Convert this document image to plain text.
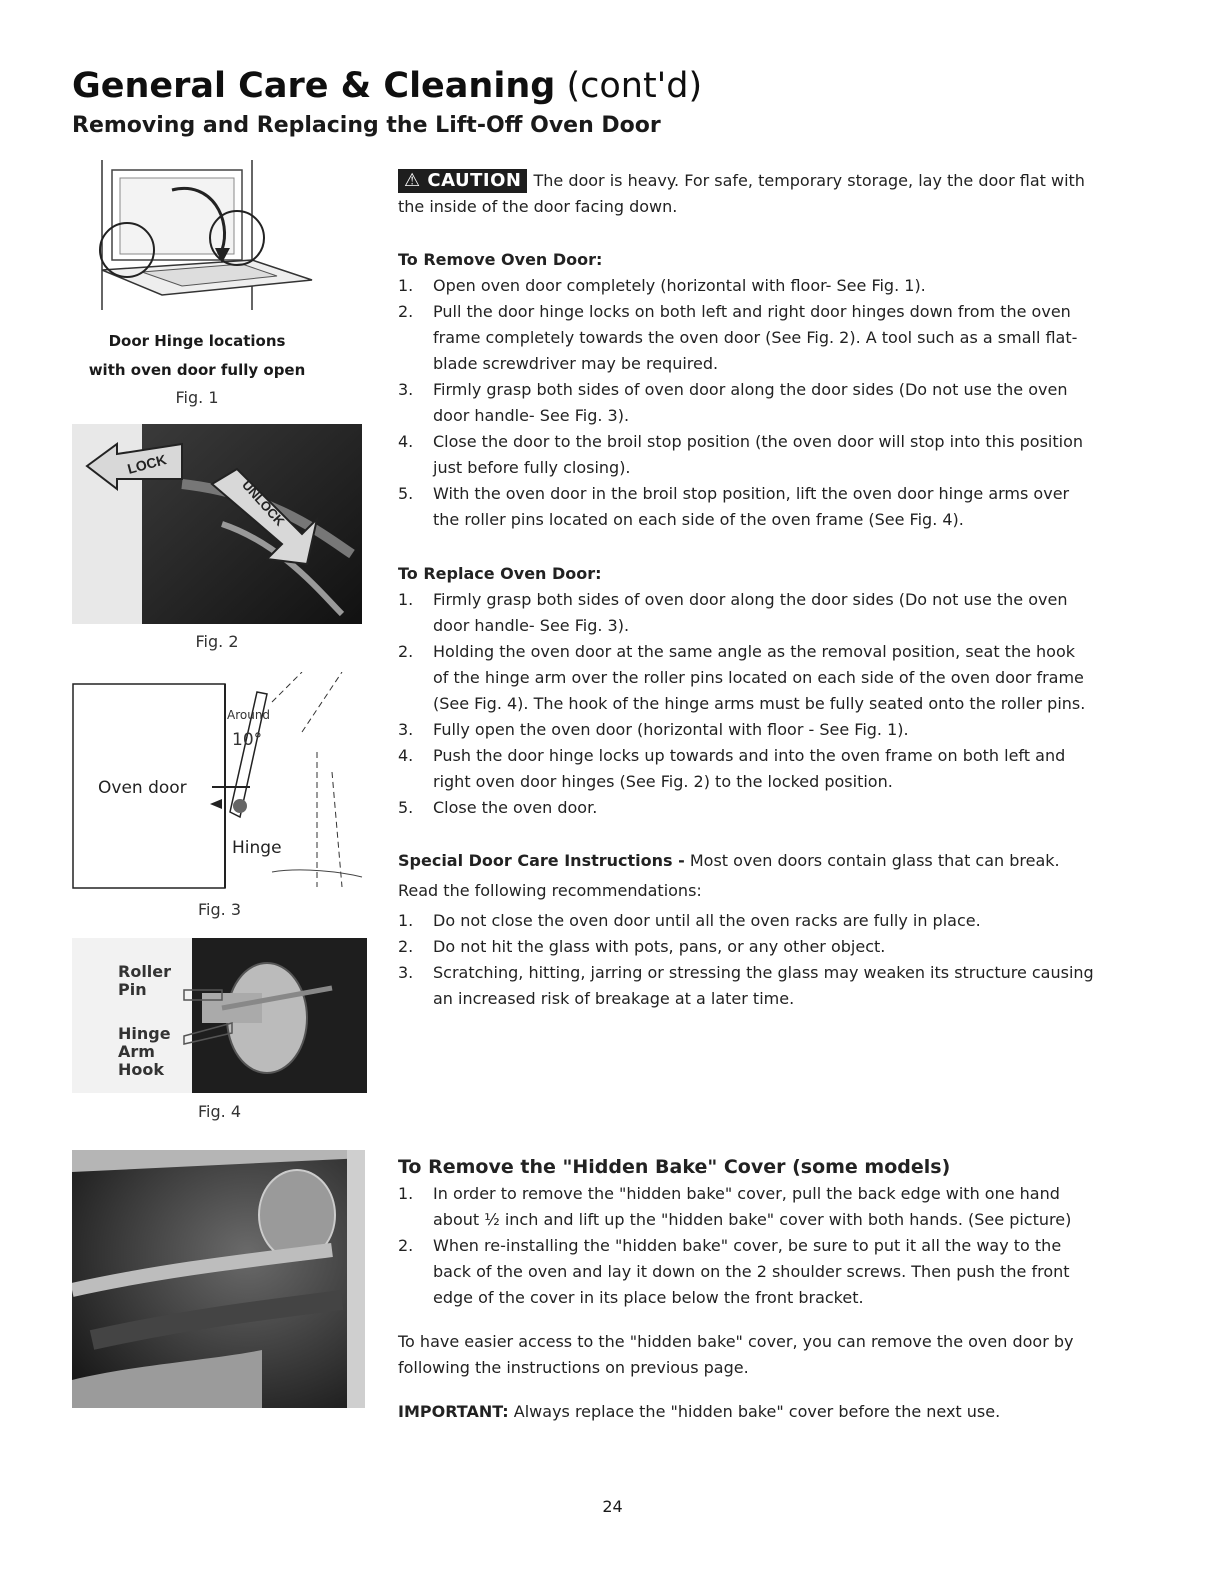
General Care & Cleaning (cont'd)
Removing and Replacing the Lift-Off Oven Door
Door Hinge locations
with oven door fully open
Fig. 1
LOCK
UNLOCK
Fig. 2
Around
10°
Oven door
Hinge
Fig. 3
Roller
Pin
Hinge
Arm
Hook
Fig. 4

⚠ CAUTION The door is heavy. For safe, temporary storage, lay the door flat with

the inside of the door facing down.

To Remove Oven Door:

1. Open oven door completely (horizontal with floor- See Fig. 1).
2. Pull the door hinge locks on both left and right door hinges down from the oven
frame completely towards the oven door (See Fig. 2). A tool such as a small flat-
blade screwdriver may be required.
3. Firmly grasp both sides of oven door along the door sides (Do not use the oven
door handle- See Fig. 3).
4. Close the door to the broil stop position (the oven door will stop into this position
just before fully closing).
5. With the oven door in the broil stop position, lift the oven door hinge arms over
the roller pins located on each side of the oven frame (See Fig. 4).

To Replace Oven Door:

1. Firmly grasp both sides of oven door along the door sides (Do not use the oven
door handle- See Fig. 3).
2. Holding the oven door at the same angle as the removal position, seat the hook
of the hinge arm over the roller pins located on each side of the oven door frame
(See Fig. 4). The hook of the hinge arms must be fully seated onto the roller pins.
3. Fully open the oven door (horizontal with floor - See Fig. 1).
4. Push the door hinge locks up towards and into the oven frame on both left and
right oven door hinges (See Fig. 2) to the locked position.
5. Close the oven door.

Special Door Care Instructions - Most oven doors contain glass that can break.

Read the following recommendations:

1. Do not close the oven door until all the oven racks are fully in place.
2. Do not hit the glass with pots, pans, or any other object.
3. Scratching, hitting, jarring or stressing the glass may weaken its structure causing
an increased risk of breakage at a later time.

To Remove the "Hidden Bake" Cover (some models)

1. In order to remove the "hidden bake" cover, pull the back edge with one hand
about ½ inch and lift up the "hidden bake" cover with both hands. (See picture)
2. When re-installing the "hidden bake" cover, be sure to put it all the way to the
back of the oven and lay it down on the 2 shoulder screws. Then push the front
edge of the cover in its place below the front bracket.

To have easier access to the "hidden bake" cover, you can remove the oven door by

following the instructions on previous page.

IMPORTANT: Always replace the "hidden bake" cover before the next use.

24
